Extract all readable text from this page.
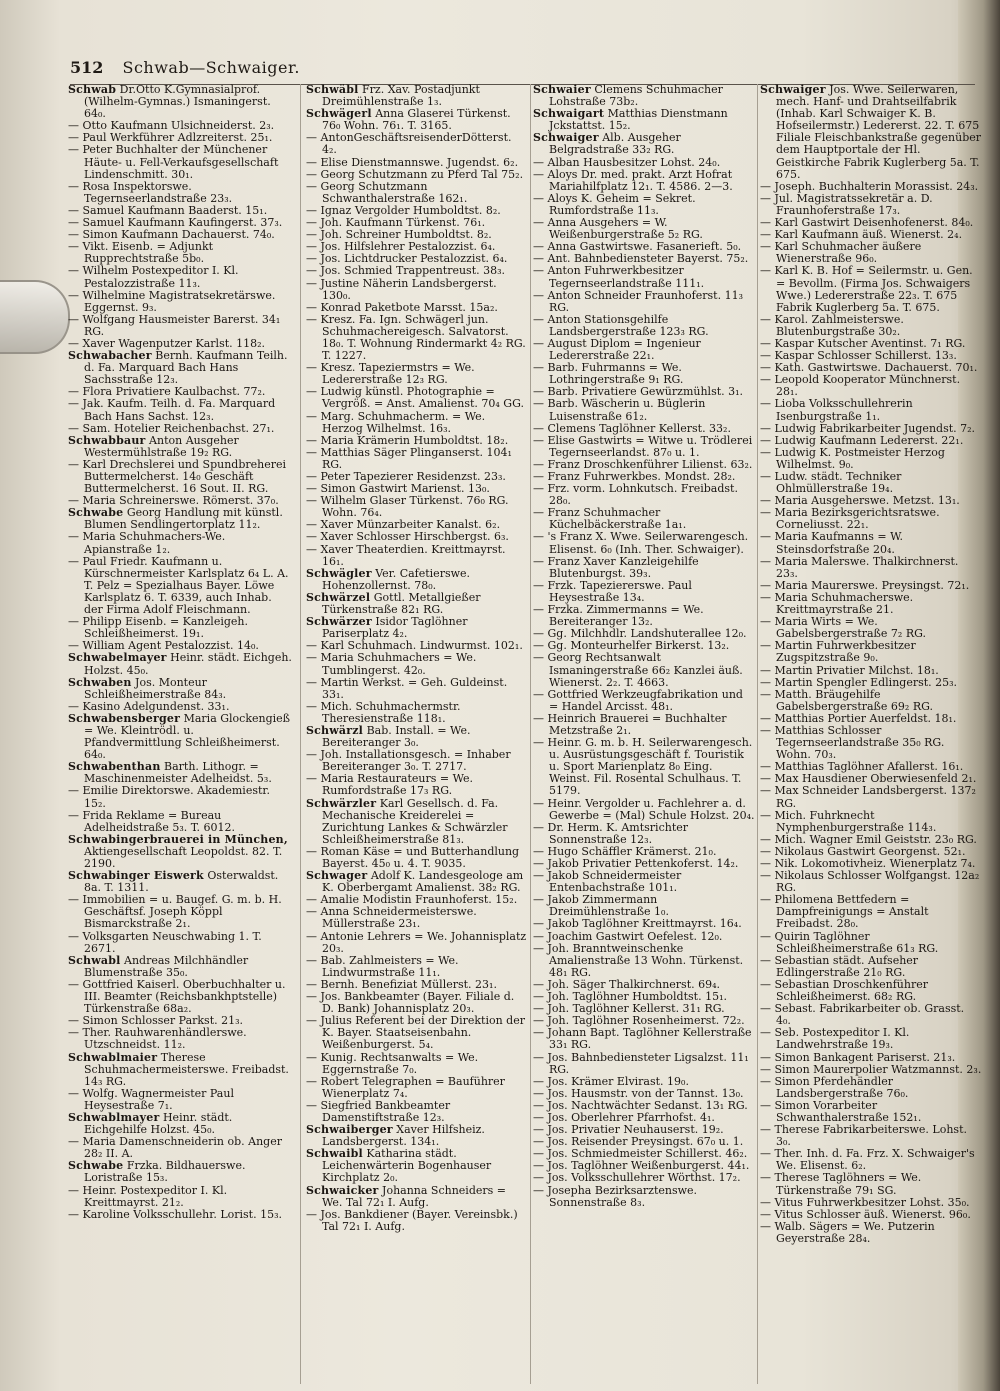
512 Schwab—Schwaiger.

Schwab Dr.Otto K.Gymnasialprof.(Wilhelm-Gymnas.) Ismaningerst. 64₀.

— Otto Kaufmann Ulsichneiderst. 2₃.

— Paul Werkführer Adlzreiterst. 25₁.

— Peter Buchhalter der Münchener Häute- u. Fell-Verkaufsgesellschaft Lindenschmitt. 30₁.

— Rosa Inspektorswe. Tegernseerlandstraße 23₃.

— Samuel Kaufmann Baaderst. 15₁.

— Samuel Kaufmann Kaufingerst. 37₃.

— Simon Kaufmann Dachauerst. 74₀.

— Vikt. Eisenb. = Adjunkt Rupprechtstraße 5b₀.

— Wilhelm Postexpeditor I. Kl. Pestalozzistraße 11₃.

— Wilhelmine Magistratsekretärswe. Eggernst. 9₃.

— Wolfgang Hausmeister Barerst. 34₁ RG.

— Xaver Wagenputzer Karlst. 118₂.

Schwabacher Bernh. Kaufmann Teilh. d. Fa. Marquard Bach Hans Sachsstraße 12₃.

— Flora Privatiere Kaulbachst. 77₂.

— Jak. Kaufm. Teilh. d. Fa. Marquard Bach Hans Sachst. 12₃.

— Sam. Hotelier Reichenbachst. 27₁.

Schwabbaur Anton Ausgeher Westermühlstraße 19₂ RG.

— Karl Drechslerei und Spundbreherei Buttermelcherst. 14₀ Geschäft Buttermelcherst. 16 Sout. II. RG.

— Maria Schreinerswe. Römerst. 37₀.

Schwabe Georg Handlung mit künstl. Blumen Sendlingertorplatz 11₂.

— Maria Schuhmachers-We. Apianstraße 1₂.

— Paul Friedr. Kaufmann u. Kürschnermeister Karlsplatz 6₄ L. A. T. Pelz = Spezialhaus Bayer. Löwe Karlsplatz 6. T. 6339, auch Inhab. der Firma Adolf Fleischmann.

— Philipp Eisenb. = Kanzleigeh. Schleißheimerst. 19₁.

— William Agent Pestalozzist. 14₀.

Schwabelmayer Heinr. städt. Eichgeh. Holzst. 45₀.

Schwaben Jos. Monteur Schleißheimerstraße 84₃.

— Kasino Adelgundenst. 33₁.

Schwabensberger Maria Glockengieß = We. Kleintrödl. u. Pfandvermittlung Schleißheimerst. 64₀.

Schwabenthan Barth. Lithogr. = Maschinenmeister Adelheidst. 5₃.

— Emilie Direktorswe. Akademiestr. 15₂.

— Frida Reklame = Bureau Adelheidstraße 5₃. T. 6012.

Schwabingerbrauerei in München, Aktiengesellschaft Leopoldst. 82. T. 2190.

Schwabinger Eiswerk Osterwaldst. 8a. T. 1311.

— Immobilien = u. Baugef. G. m. b. H. Geschäftsf. Joseph Köppl Bismarckstraße 2₁.

— Volksgarten Neuschwabing 1. T. 2671.

Schwabl Andreas Milchhändler Blumenstraße 35₀.

— Gottfried Kaiserl. Oberbuchhalter u. III. Beamter (Reichsbankhptstelle) Türkenstraße 68a₂.

— Simon Schlosser Parkst. 21₃.

— Ther. Rauhwarenhändlerswe. Utzschneidst. 11₂.

Schwablmaier Therese Schuhmachermeisterswe. Freibadst. 14₃ RG.

— Wolfg. Wagnermeister Paul Heysestraße 7₁.

Schwablmayer Heinr. städt. Eichgehilfe Holzst. 45₀.

— Maria Damenschneiderin ob. Anger 28₂ II. A.

Schwabe Frzka. Bildhauerswe. Loristraße 15₃.

— Heinr. Postexpeditor I. Kl. Kreittmayrst. 21₂.

— Karoline Volksschullehr. Lorist. 15₃.

Schwäbl Frz. Xav. Postadjunkt Dreimühlenstraße 1₃.

Schwägerl Anna Glaserei Türkenst. 76₀ Wohn. 76₁. T. 3165.

— AntonGeschäftsreisenderDötterst. 4₂.

— Elise Dienstmannswe. Jugendst. 6₂.

— Georg Schutzmann zu Pferd Tal 75₂.

— Georg Schutzmann Schwanthalerstraße 162₁.

— Ignaz Vergolder Humboldtst. 8₂.

— Joh. Kaufmann Türkenst. 76₁.

— Joh. Schreiner Humboldtst. 8₂.

— Jos. Hilfslehrer Pestalozzist. 6₄.

— Jos. Lichtdrucker Pestalozzist. 6₄.

— Jos. Schmied Trappentreust. 38₃.

— Justine Näherin Landsbergerst. 130₀.

— Konrad Paketbote Marsst. 15a₂.

— Kresz. Fa. Ign. Schwägerl jun. Schuhmachereigesch. Salvatorst. 18₀. T. Wohnung Rindermarkt 4₂ RG. T. 1227.

— Kresz. Tapeziermstrs = We. Ledererstraße 12₃ RG.

— Ludwig künstl. Photographie = Vergröß. = Anst. Amalienst. 70₄ GG.

— Marg. Schuhmacherm. = We. Herzog Wilhelmst. 16₃.

— Maria Krämerin Humboldtst. 18₂.

— Matthias Säger Plinganserst. 104₁ RG.

— Peter Tapezierer Residenzst. 23₃.

— Simon Gastwirt Marienst. 13₀.

— Wilhelm Glaser Türkenst. 76₀ RG. Wohn. 76₄.

— Xaver Münzarbeiter Kanalst. 6₂.

— Xaver Schlosser Hirschbergst. 6₃.

— Xaver Theaterdien. Kreittmayrst. 16₁.

Schwägler Ver. Cafetierswe. Hohenzollernst. 78₀.

Schwärzel Gottl. Metallgießer Türkenstraße 82₁ RG.

Schwärzer Isidor Taglöhner Pariserplatz 4₂.

— Karl Schuhmach. Lindwurmst. 102₁.

— Maria Schuhmachers = We. Tumblingerst. 42₀.

— Martin Werkst. = Geh. Guldeinst. 33₁.

— Mich. Schuhmachermstr. Theresienstraße 118₁.

Schwärzl Bab. Install. = We. Bereiteranger 3₀.

— Joh. Installationsgesch. = Inhaber Bereiteranger 3₀. T. 2717.

— Maria Restaurateurs = We. Rumfordstraße 17₃ RG.

Schwärzler Karl Gesellsch. d. Fa. Mechanische Kreiderelei = Zurichtung Lankes & Schwärzler Schleißheimerstraße 81₃.

— Roman Käse = und Butterhandlung Bayerst. 45₀ u. 4. T. 9035.

Schwager Adolf K. Landesgeologe am K. Oberbergamt Amalienst. 38₂ RG.

— Amalie Modistin Fraunhoferst. 15₂.

— Anna Schneidermeisterswe. Müllerstraße 23₁.

— Antonie Lehrers = We. Johannisplatz 20₃.

— Bab. Zahlmeisters = We. Lindwurmstraße 11₁.

— Bernh. Benefiziat Müllerst. 23₁.

— Jos. Bankbeamter (Bayer. Filiale d. D. Bank) Johannisplatz 20₃.

— Julius Referent bei der Direktion der K. Bayer. Staatseisenbahn. Weißenburgerst. 5₄.

— Kunig. Rechtsanwalts = We. Eggernstraße 7₀.

— Robert Telegraphen = Bauführer Wienerplatz 7₄.

— Siegfried Bankbeamter Damenstiftstraße 12₃.

Schwaiberger Xaver Hilfsheiz. Landsbergerst. 134₁.

Schwaibl Katharina städt. Leichenwärterin Bogenhauser Kirchplatz 2₀.

Schwaicker Johanna Schneiders = We. Tal 72₁ I. Aufg.

— Jos. Bankdiener (Bayer. Vereinsbk.) Tal 72₁ I. Aufg.

Schwaier Clemens Schuhmacher Lohstraße 73b₂.

Schwaigart Matthias Dienstmann Jckstattst. 15₂.

Schwaiger Alb. Ausgeher Belgradstraße 33₂ RG.

— Alban Hausbesitzer Lohst. 24₀.

— Aloys Dr. med. prakt. Arzt Hofrat Mariahilfplatz 12₁. T. 4586. 2—3.

— Aloys K. Geheim = Sekret. Rumfordstraße 11₃.

— Anna Ausgehers = W. Weißenburgerstraße 5₂ RG.

— Anna Gastwirtswe. Fasanerieft. 5₀.

— Ant. Bahnbediensteter Bayerst. 75₂.

— Anton Fuhrwerkbesitzer Tegernseerlandstraße 111₁.

— Anton Schneider Fraunhoferst. 11₃ RG.

— Anton Stationsgehilfe Landsbergerstraße 123₃ RG.

— August Diplom = Ingenieur Ledererstraße 22₁.

— Barb. Fuhrmanns = We. Lothringerstraße 9₁ RG.

— Barb. Privatiere Gewürzmühlst. 3₁.

— Barb. Wäscherin u. Büglerin Luisenstraße 61₂.

— Clemens Taglöhner Kellerst. 33₂.

— Elise Gastwirts = Witwe u. Trödlerei Tegernseerlandst. 87₀ u. 1.

— Franz Droschkenführer Lilienst. 63₂.

— Franz Fuhrwerkbes. Mondst. 28₂.

— Frz. vorm. Lohnkutsch. Freibadst. 28₀.

— Franz Schuhmacher Küchelbäckerstraße 1a₁.

— 's Franz X. Wwe. Seilerwarengesch. Elisenst. 6₀ (Inh. Ther. Schwaiger).

— Franz Xaver Kanzleigehilfe Blutenburgst. 39₃.

— Frzk. Tapeziererswe. Paul Heysestraße 13₄.

— Frzka. Zimmermanns = We. Bereiteranger 13₂.

— Gg. Milchhdlr. Landshuterallee 12₀.

— Gg. Monteurhelfer Birkerst. 13₂.

— Georg Rechtsanwalt Ismaningerstraße 66₂ Kanzlei äuß. Wienerst. 2₂. T. 4663.

— Gottfried Werkzeugfabrikation und = Handel Arcisst. 48₁.

— Heinrich Brauerei = Buchhalter Metzstraße 2₁.

— Heinr. G. m. b. H. Seilerwarengesch. u. Ausrüstungsgeschäft f. Touristik u. Sport Marienplatz 8₀ Eing. Weinst. Fil. Rosental Schulhaus. T. 5179.

— Heinr. Vergolder u. Fachlehrer a. d. Gewerbe = (Mal) Schule Holzst. 20₄.

— Dr. Herm. K. Amtsrichter Sonnenstraße 12₃.

— Hugo Schäffler Krämerst. 21₀.

— Jakob Privatier Pettenkoferst. 14₂.

— Jakob Schneidermeister Entenbachstraße 101₁.

— Jakob Zimmermann Dreimühlenstraße 1₀.

— Jakob Taglöhner Kreittmayrst. 16₄.

— Joachim Gastwirt Oefelest. 12₀.

— Joh. Branntweinschenke Amalienstraße 13 Wohn. Türkenst. 48₁ RG.

— Joh. Säger Thalkirchnerst. 69₄.

— Joh. Taglöhner Humboldtst. 15₁.

— Joh. Taglöhner Kellerst. 31₁ RG.

— Joh. Taglöhner Rosenheimerst. 72₂.

— Johann Bapt. Taglöhner Kellerstraße 33₁ RG.

— Jos. Bahnbediensteter Ligsalzst. 11₁ RG.

— Jos. Krämer Elvirast. 19₀.

— Jos. Hausmstr. von der Tannst. 13₀.

— Jos. Nachtwächter Sedanst. 13₁ RG.

— Jos. Oberlehrer Pfarrhofst. 4₁.

— Jos. Privatier Neuhauserst. 19₂.

— Jos. Reisender Preysingst. 67₀ u. 1.

— Jos. Schmiedmeister Schillerst. 46₂.

— Jos. Taglöhner Weißenburgerst. 44₁.

— Jos. Volksschullehrer Wörthst. 17₂.

— Josepha Bezirksarztenswe. Sonnenstraße 8₃.

Schwaiger Jos. Wwe. Seilerwaren, mech. Hanf- und Drahtseilfabrik (Inhab. Karl Schwaiger K. B. Hofseilermstr.) Ledererst. 22. T. 675 Filiale Fleischbankstraße gegenüber dem Hauptportale der Hl. Geistkirche Fabrik Kuglerberg 5a. T. 675.

— Joseph. Buchhalterin Morassist. 24₃.

— Jul. Magistratssekretär a. D. Fraunhoferstraße 17₃.

— Karl Gastwirt Deisenhofenerst. 84₀.

— Karl Kaufmann äuß. Wienerst. 2₄.

— Karl Schuhmacher äußere Wienerstraße 96₀.

— Karl K. B. Hof = Seilermstr. u. Gen. = Bevollm. (Firma Jos. Schwaigers Wwe.) Ledererstraße 22₃. T. 675 Fabrik Kuglerberg 5a. T. 675.

— Karol. Zahlmeisterswe. Blutenburgstraße 30₂.

— Kaspar Kutscher Aventinst. 7₁ RG.

— Kaspar Schlosser Schillerst. 13₃.

— Kath. Gastwirtswe. Dachauerst. 70₁.

— Leopold Kooperator Münchnerst. 28₁.

— Lioba Volksschullehrerin Isenburgstraße 1₁.

— Ludwig Fabrikarbeiter Jugendst. 7₂.

— Ludwig Kaufmann Ledererst. 22₁.

— Ludwig K. Postmeister Herzog Wilhelmst. 9₀.

— Ludw. städt. Techniker Ohlmüllerstraße 19₄.

— Maria Ausgeherswe. Metzst. 13₁.

— Maria Bezirksgerichtsratswe. Corneliusst. 22₁.

— Maria Kaufmanns = W. Steinsdorfstraße 20₄.

— Maria Malerswe. Thalkirchnerst. 23₃.

— Maria Maurerswe. Preysingst. 72₁.

— Maria Schuhmacherswe. Kreittmayrstraße 21.

— Maria Wirts = We. Gabelsbergerstraße 7₂ RG.

— Martin Fuhrwerkbesitzer Zugspitzstraße 9₀.

— Martin Privatier Milchst. 18₁.

— Martin Spengler Edlingerst. 25₃.

— Matth. Bräugehilfe Gabelsbergerstraße 69₂ RG.

— Matthias Portier Auerfeldst. 18₁.

— Matthias Schlosser Tegernseerlandstraße 35₀ RG. Wohn. 70₃.

— Matthias Taglöhner Afallerst. 16₁.

— Max Hausdiener Oberwiesenfeld 2₁.

— Max Schneider Landsbergerst. 137₂ RG.

— Mich. Fuhrknecht Nymphenburgerstraße 114₃.

— Mich. Wagner Emil Geiststr. 23₀ RG.

— Nikolaus Gastwirt Georgenst. 52₁.

— Nik. Lokomotivheiz. Wienerplatz 7₄.

— Nikolaus Schlosser Wolfgangst. 12a₂ RG.

— Philomena Bettfedern = Dampfreinigungs = Anstalt Freibadst. 28₀.

— Quirin Taglöhner Schleißheimerstraße 61₃ RG.

— Sebastian städt. Aufseher Edlingerstraße 21₀ RG.

— Sebastian Droschkenführer Schleißheimerst. 68₂ RG.

— Sebast. Fabrikarbeiter ob. Grasst. 4₀.

— Seb. Postexpeditor I. Kl. Landwehrstraße 19₃.

— Simon Bankagent Pariserst. 21₃.

— Simon Maurerpolier Watzmannst. 2₃.

— Simon Pferdehändler Landsbergerstraße 76₀.

— Simon Vorarbeiter Schwanthalerstraße 152₁.

— Therese Fabrikarbeiterswe. Lohst. 3₀.

— Ther. Inh. d. Fa. Frz. X. Schwaiger's We. Elisenst. 6₂.

— Therese Taglöhners = We. Türkenstraße 79₁ SG.

— Vitus Fuhrwerkbesitzer Lohst. 35₀.

— Vitus Schlosser äuß. Wienerst. 96₀.

— Walb. Sägers = We. Putzerin Geyerstraße 28₄.
